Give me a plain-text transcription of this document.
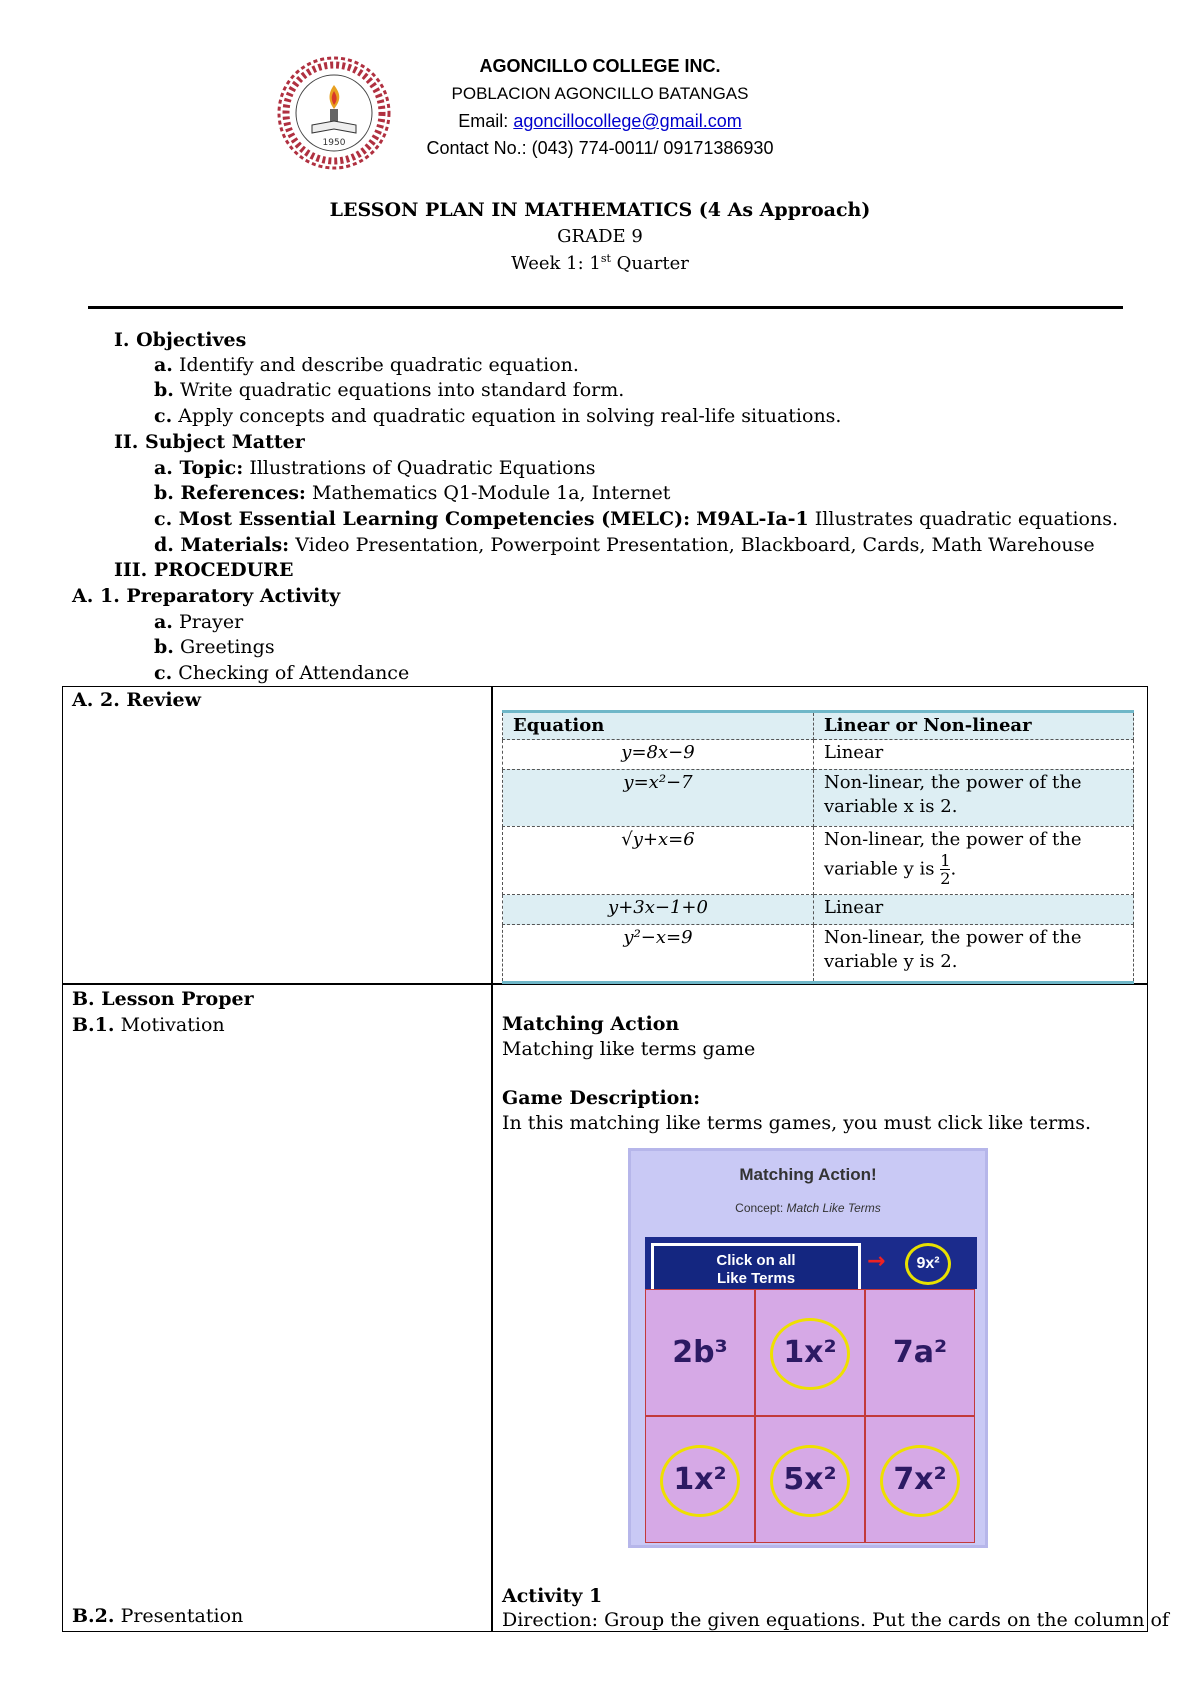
1950
AGONCILLO COLLEGE INC.
POBLACION AGONCILLO BATANGAS
Email: agoncillocollege@gmail.com
Contact No.: (043) 774-0011/ 09171386930
LESSON PLAN IN MATHEMATICS (4 As Approach)
GRADE 9
Week 1: 1st Quarter
I. Objectives
a. Identify and describe quadratic equation.
b. Write quadratic equations into standard form.
c. Apply concepts and quadratic equation in solving real-life situations.
II. Subject Matter
a. Topic: Illustrations of Quadratic Equations
b. References: Mathematics Q1-Module 1a, Internet
c. Most Essential Learning Competencies (MELC): M9AL-Ia-1 Illustrates quadratic equations.
d. Materials: Video Presentation, Powerpoint Presentation, Blackboard, Cards, Math Warehouse
III. PROCEDURE
A. 1. Preparatory Activity
a. Prayer
b. Greetings
c. Checking of Attendance
A. 2. Review
Equation	Linear or Non-linear
y=8x−9	Linear
y=x²−7	Non-linear, the power of the variable x is 2.
√y+x=6	Non-linear, the power of the variable y is $\frac{1}{2}$ .
y+3x−1+0	Linear
y²−x=9	Non-linear, the power of the variable y is 2.
B. Lesson Proper
B.1. Motivation
B.2. Presentation
Matching Action
Matching like terms game
Game Description:
In this matching like terms games, you must click like terms.
Matching Action!
Concept: Match Like Terms
Click on all
Like Terms
→	9x²
2b³	1x²	7a²
1x²	5x²	7x²
Activity 1
Direction: Group the given equations. Put the cards on the column of
